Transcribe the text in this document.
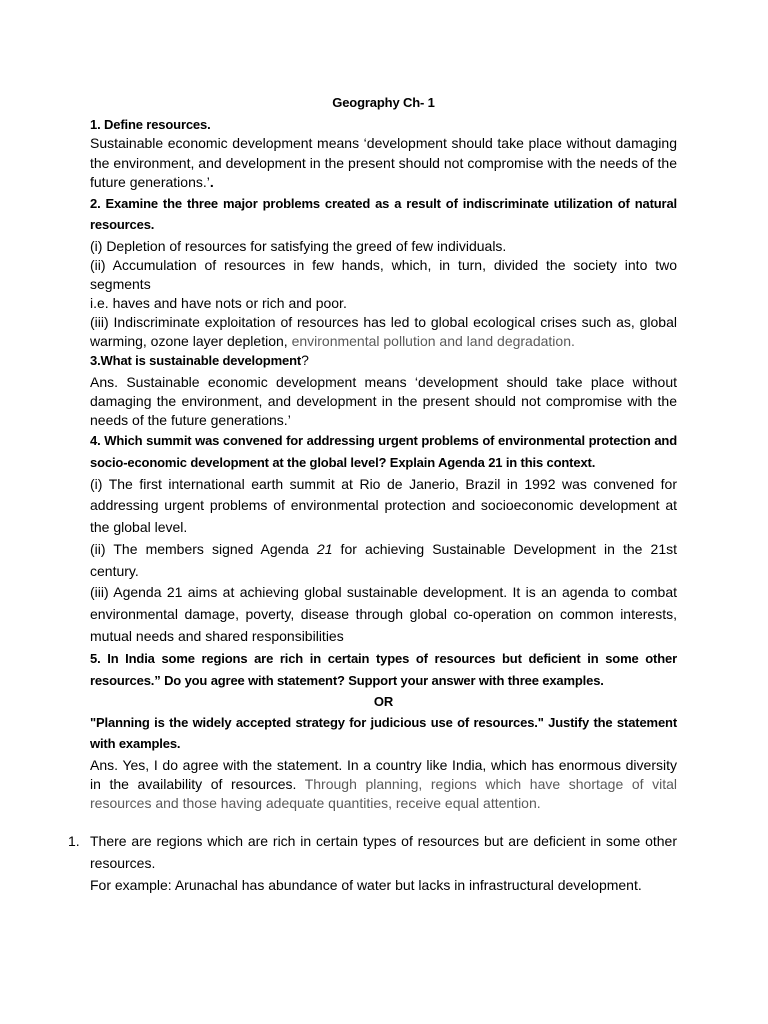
Geography Ch- 1

1. Define resources.

Sustainable economic development means ‘development should take place without damaging the environment, and development in the present should not compromise with the needs of the future generations.’.

2. Examine the three major problems created as a result of indiscriminate utilization of natural resources.

(i) Depletion of resources for satisfying the greed of few individuals.

(ii) Accumulation of resources in few hands, which, in turn, divided the society into two segments

i.e. haves and have nots or rich and poor.

(iii) Indiscriminate exploitation of resources has led to global ecological crises such as, global warming, ozone layer depletion, environmental pollution and land degradation.

3.What is sustainable development?

Ans. Sustainable economic development means ‘development should take place without damaging the environment, and development in the present should not compromise with the needs of the future generations.’

4. Which summit was convened for addressing urgent problems of environmental protection and socio-economic development at the global level? Explain Agenda 21 in this context.

(i) The first international earth summit at Rio de Janerio, Brazil in 1992 was convened for addressing urgent problems of environmental protection and socioeconomic development at the global level.

(ii) The members signed Agenda 21 for achieving Sustainable Development in the 21st century.

(iii) Agenda 21 aims at achieving global sustainable development. It is an agenda to combat environmental damage, poverty, disease through global co-operation on common interests, mutual needs and shared responsibilities

5. In India some regions are rich in certain types of resources but deficient in some other resources.” Do you agree with statement? Support your answer with three examples.

OR

"Planning is the widely accepted strategy for judicious use of resources." Justify the statement with examples.

Ans. Yes, I do agree with the statement. In a country like India, which has enormous diversity in the availability of resources. Through planning, regions which have shortage of vital resources and those having adequate quantities, receive equal attention.

1. There are regions which are rich in certain types of resources but are deficient in some other resources.

For example: Arunachal has abundance of water but lacks in infrastructural development.
